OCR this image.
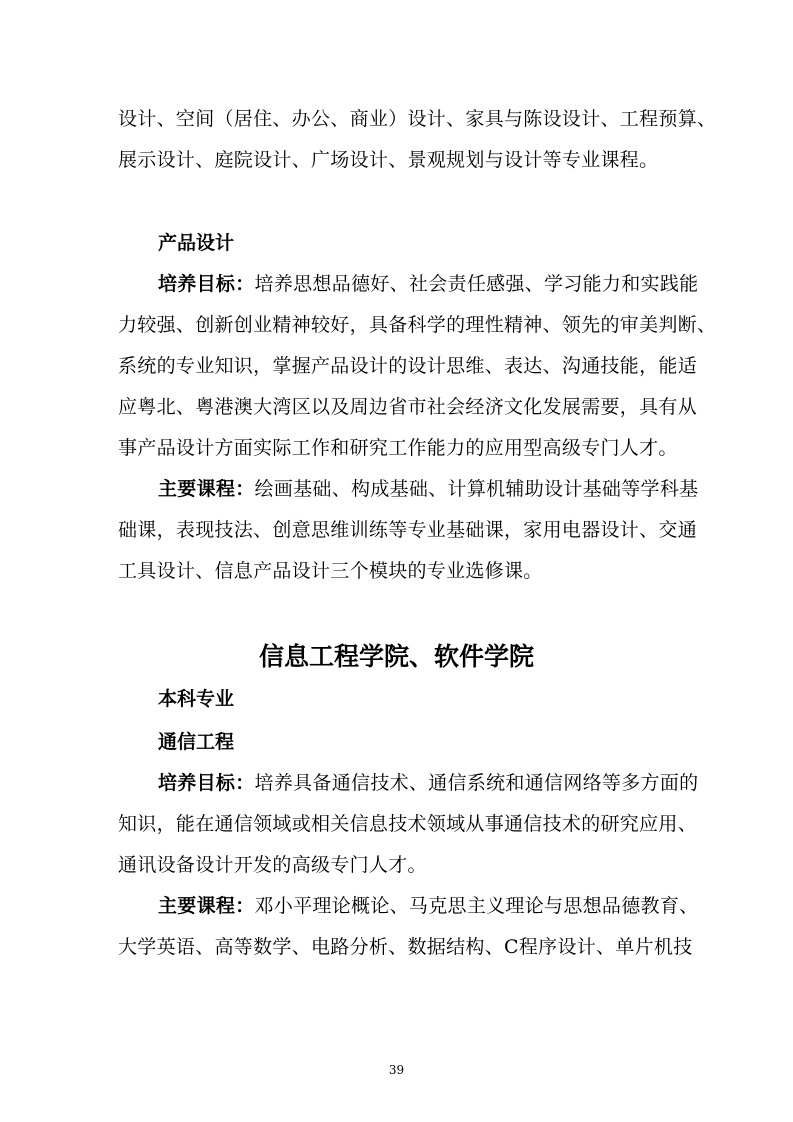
设计、空间（居住、办公、商业）设计、家具与陈设设计、工程预算、
展示设计、庭院设计、广场设计、景观规划与设计等专业课程。
产品设计
培养目标：培养思想品德好、社会责任感强、学习能力和实践能
力较强、创新创业精神较好，具备科学的理性精神、领先的审美判断、
系统的专业知识，掌握产品设计的设计思维、表达、沟通技能，能适
应粤北、粤港澳大湾区以及周边省市社会经济文化发展需要，具有从
事产品设计方面实际工作和研究工作能力的应用型高级专门人才。
主要课程：绘画基础、构成基础、计算机辅助设计基础等学科基
础课，表现技法、创意思维训练等专业基础课，家用电器设计、交通
工具设计、信息产品设计三个模块的专业选修课。
信息工程学院、软件学院
本科专业
通信工程
培养目标：培养具备通信技术、通信系统和通信网络等多方面的
知识，能在通信领域或相关信息技术领域从事通信技术的研究应用、
通讯设备设计开发的高级专门人才。
主要课程：邓小平理论概论、马克思主义理论与思想品德教育、
大学英语、高等数学、电路分析、数据结构、C程序设计、单片机技
39
